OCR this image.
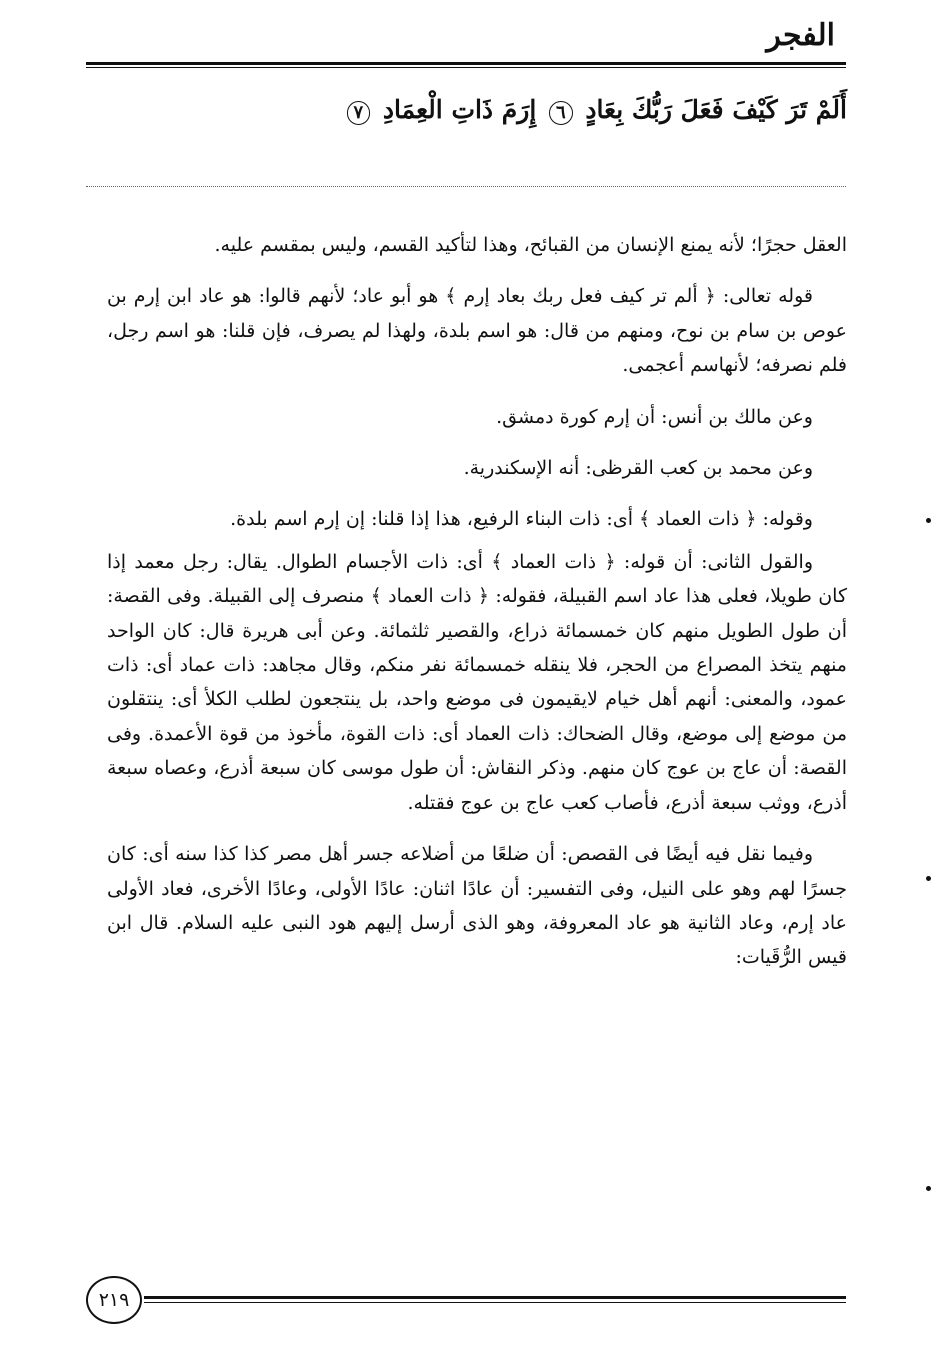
الفجر
أَلَمْ تَرَ كَيْفَ فَعَلَ رَبُّكَ بِعَادٍ ٦ إِرَمَ ذَاتِ الْعِمَادِ ٧

العقل حجرًا؛ لأنه يمنع الإنسان من القبائح، وهذا لتأكيد القسم، وليس بمقسم عليه.

قوله تعالى: ﴿ ألم تر كيف فعل ربك بعاد إرم ﴾ هو أبو عاد؛ لأنهم قالوا: هو عاد ابن إرم بن عوص بن سام بن نوح، ومنهم من قال: هو اسم بلدة، ولهذا لم يصرف، فإن قلنا: هو اسم رجل، فلم نصرفه؛ لأنهاسم أعجمى.

وعن مالك بن أنس: أن إرم كورة دمشق.

وعن محمد بن كعب القرظى: أنه الإسكندرية.

وقوله: ﴿ ذات العماد ﴾ أى: ذات البناء الرفيع، هذا إذا قلنا: إن إرم اسم بلدة.

والقول الثانى: أن قوله: ﴿ ذات العماد ﴾ أى: ذات الأجسام الطوال. يقال: رجل معمد إذا كان طويلا، فعلى هذا عاد اسم القبيلة، فقوله: ﴿ ذات العماد ﴾ منصرف إلى القبيلة. وفى القصة: أن طول الطويل منهم كان خمسمائة ذراع، والقصير ثلثمائة. وعن أبى هريرة قال: كان الواحد منهم يتخذ المصراع من الحجر، فلا ينقله خمسمائة نفر منكم، وقال مجاهد: ذات عماد أى: ذات عمود، والمعنى: أنهم أهل خيام لايقيمون فى موضع واحد، بل ينتجعون لطلب الكلأ أى: ينتقلون من موضع إلى موضع، وقال الضحاك: ذات العماد أى: ذات القوة، مأخوذ من قوة الأعمدة. وفى القصة: أن عاج بن عوج كان منهم. وذكر النقاش: أن طول موسى كان سبعة أذرع، وعصاه سبعة أذرع، ووثب سبعة أذرع، فأصاب كعب عاج بن عوج فقتله.

وفيما نقل فيه أيضًا فى القصص: أن ضلعًا من أضلاعه جسر أهل مصر كذا كذا سنه أى: كان جسرًا لهم وهو على النيل، وفى التفسير: أن عادًا اثنان: عادًا الأولى، وعادًا الأخرى، فعاد الأولى عاد إرم، وعاد الثانية هو عاد المعروفة، وهو الذى أرسل إليهم هود النبى عليه السلام. قال ابن قيس الرُّقَيات:

٢١٩
